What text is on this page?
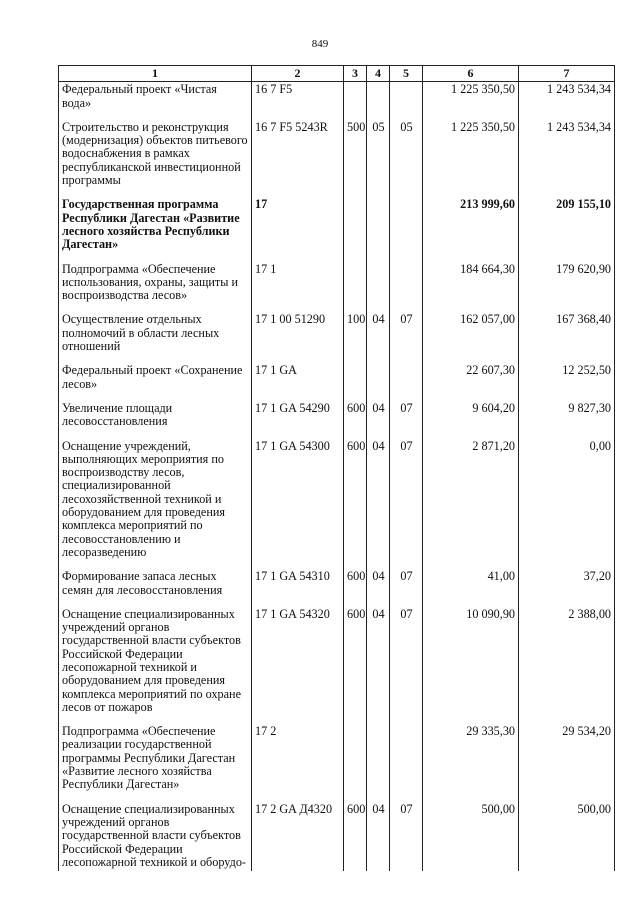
849
1	2	3	4	5	6	7
Федеральный проект «Чистая вода»	16 7 F5				1 225 350,50	1 243 534,34
Строительство и реконструкция (модернизация) объектов питьевого водоснабжения в рамках республиканской инвестиционной программы	16 7 F5 5243R	500	05	05	1 225 350,50	1 243 534,34
Государственная программа Республики Дагестан «Развитие лесного хозяйства Республики Дагестан»	17				213 999,60	209 155,10
Подпрограмма «Обеспечение использования, охраны, защиты и воспроизводства лесов»	17 1				184 664,30	179 620,90
Осуществление отдельных полномочий в области лесных отношений	17 1 00 51290	100	04	07	162 057,00	167 368,40
Федеральный проект «Сохранение лесов»	17 1 GA				22 607,30	12 252,50
Увеличение площади лесовосстановления	17 1 GA 54290	600	04	07	9 604,20	9 827,30
Оснащение учреждений, выполняющих мероприятия по воспроизводству лесов, специализированной лесохозяйственной техникой и оборудованием для проведения комплекса мероприятий по лесовосстановлению и лесоразведению	17 1 GA 54300	600	04	07	2 871,20	0,00
Формирование запаса лесных семян для лесовосстановления	17 1 GA 54310	600	04	07	41,00	37,20
Оснащение специализированных учреждений органов государственной власти субъектов Российской Федерации лесопожарной техникой и оборудованием для проведения комплекса мероприятий по охране лесов от пожаров	17 1 GA 54320	600	04	07	10 090,90	2 388,00
Подпрограмма «Обеспечение реализации государственной программы Республики Дагестан «Развитие лесного хозяйства Республики Дагестан»	17 2				29 335,30	29 534,20
Оснащение специализированных учреждений органов государственной власти субъектов Российской Федерации лесопожарной техникой и оборудо-	17 2 GA Д4320	600	04	07	500,00	500,00
